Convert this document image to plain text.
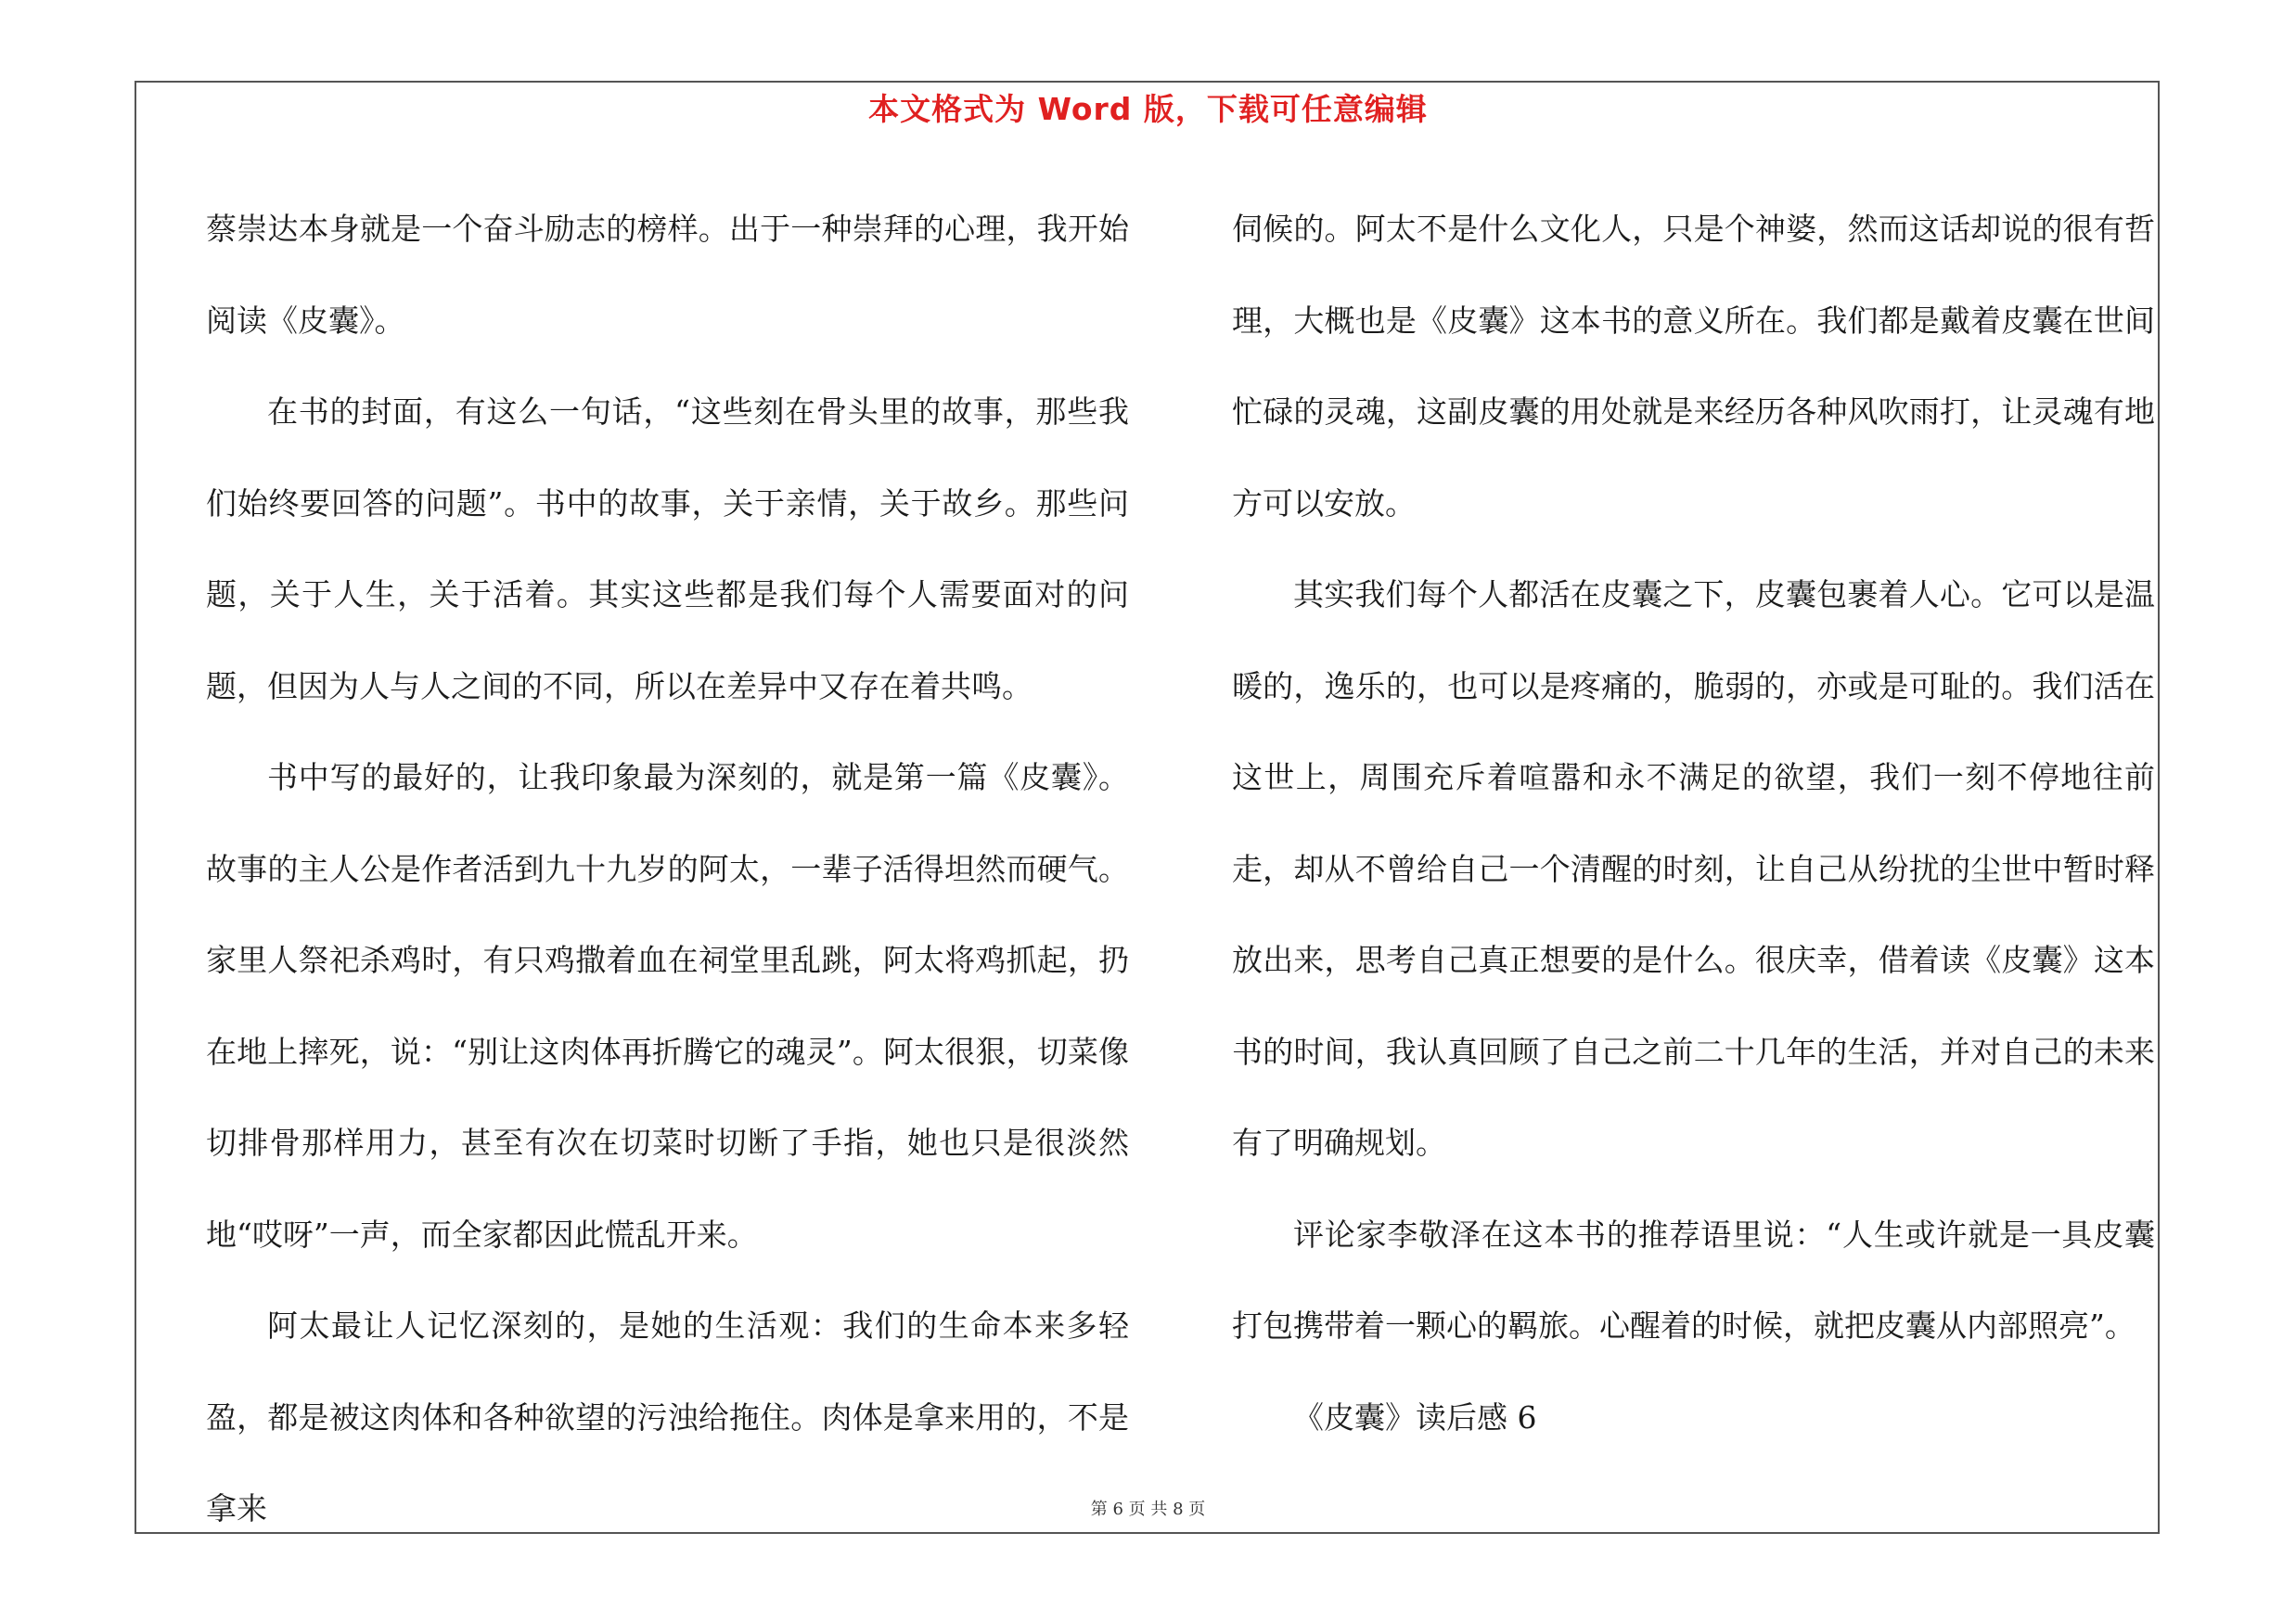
本文格式为 Word 版，下载可任意编辑

蔡崇达本身就是一个奋斗励志的榜样。出于一种崇拜的心理，我开始阅读《皮囊》。

在书的封面，有这么一句话，“这些刻在骨头里的故事，那些我们始终要回答的问题”。书中的故事，关于亲情，关于故乡。那些问题，关于人生，关于活着。其实这些都是我们每个人需要面对的问题，但因为人与人之间的不同，所以在差异中又存在着共鸣。

书中写的最好的，让我印象最为深刻的，就是第一篇《皮囊》。故事的主人公是作者活到九十九岁的阿太，一辈子活得坦然而硬气。家里人祭祀杀鸡时，有只鸡撒着血在祠堂里乱跳，阿太将鸡抓起，扔在地上摔死，说：“别让这肉体再折腾它的魂灵”。阿太很狠，切菜像切排骨那样用力，甚至有次在切菜时切断了手指，她也只是很淡然地“哎呀”一声，而全家都因此慌乱开来。

阿太最让人记忆深刻的，是她的生活观：我们的生命本来多轻盈，都是被这肉体和各种欲望的污浊给拖住。肉体是拿来用的，不是拿来

伺候的。阿太不是什么文化人，只是个神婆，然而这话却说的很有哲理，大概也是《皮囊》这本书的意义所在。我们都是戴着皮囊在世间忙碌的灵魂，这副皮囊的用处就是来经历各种风吹雨打，让灵魂有地方可以安放。

其实我们每个人都活在皮囊之下，皮囊包裹着人心。它可以是温暖的，逸乐的，也可以是疼痛的，脆弱的，亦或是可耻的。我们活在这世上，周围充斥着喧嚣和永不满足的欲望，我们一刻不停地往前走，却从不曾给自己一个清醒的时刻，让自己从纷扰的尘世中暂时释放出来，思考自己真正想要的是什么。很庆幸，借着读《皮囊》这本书的时间，我认真回顾了自己之前二十几年的生活，并对自己的未来有了明确规划。

评论家李敬泽在这本书的推荐语里说：“人生或许就是一具皮囊打包携带着一颗心的羁旅。心醒着的时候，就把皮囊从内部照亮”。

《皮囊》读后感 6

第 6 页 共 8 页
